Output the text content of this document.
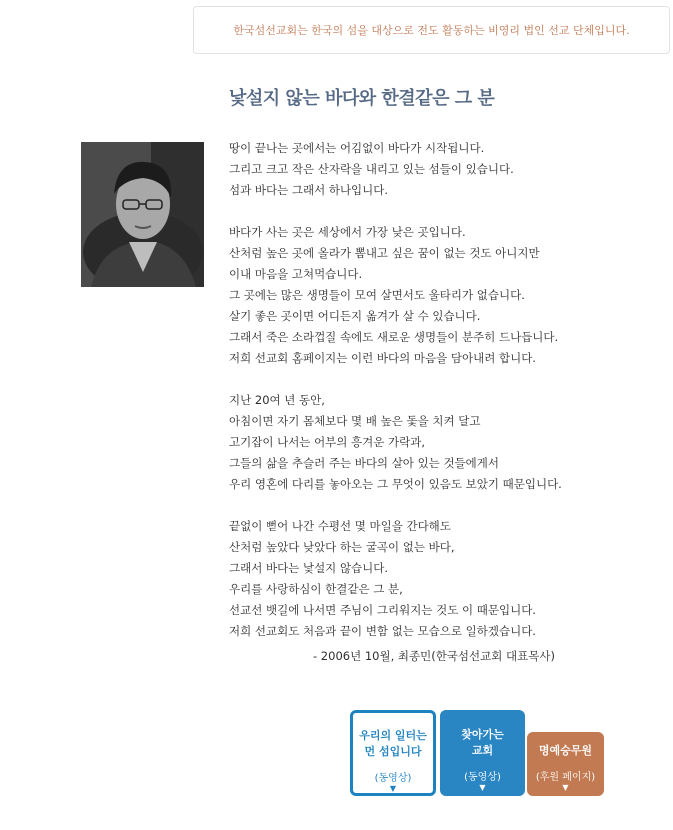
한국섬선교회는 한국의 섬을 대상으로 전도 활동하는 비영리 법인 선교 단체입니다.
낯설지 않는 바다와 한결같은 그 분
땅이 끝나는 곳에서는 어김없이 바다가 시작됩니다.
그리고 크고 작은 산자락을 내리고 있는 섬들이 있습니다.
섬과 바다는 그래서 하나입니다.
바다가 사는 곳은 세상에서 가장 낮은 곳입니다.
산처럼 높은 곳에 올라가 뽐내고 싶은 꿈이 없는 것도 아니지만
이내 마음을 고쳐먹습니다.
그 곳에는 많은 생명들이 모여 살면서도 울타리가 없습니다.
살기 좋은 곳이면 어디든지 옮겨가 살 수 있습니다.
그래서 죽은 소라껍질 속에도 새로운 생명들이 분주히 드나듭니다.
저희 선교회 홈페이지는 이런 바다의 마음을 담아내려 합니다.
지난 20여 년 동안,
아침이면 자기 몸체보다 몇 배 높은 돛을 치켜 달고
고기잡이 나서는 어부의 흥겨운 가락과,
그들의 삶을 추슬러 주는 바다의 살아 있는 것들에게서
우리 영혼에 다리를 놓아오는 그 무엇이 있음도 보았기 때문입니다.
끝없이 뻗어 나간 수평선 몇 마일을 간다해도
산처럼 높았다 낮았다 하는 굴곡이 없는 바다,
그래서 바다는 낯설지 않습니다.
우리를 사랑하심이 한결같은 그 분,
선교선 뱃길에 나서면 주님이 그리워지는 것도 이 때문입니다.
저희 선교회도 처음과 끝이 변함 없는 모습으로 일하겠습니다.
- 2006년 10월, 최종민(한국섬선교회 대표목사)
우리의 일터는
먼 섬입니다
(동영상)
▼
찾아가는
교회
(동영상)
▼
명예승무원
(후원 페이지)
▼
